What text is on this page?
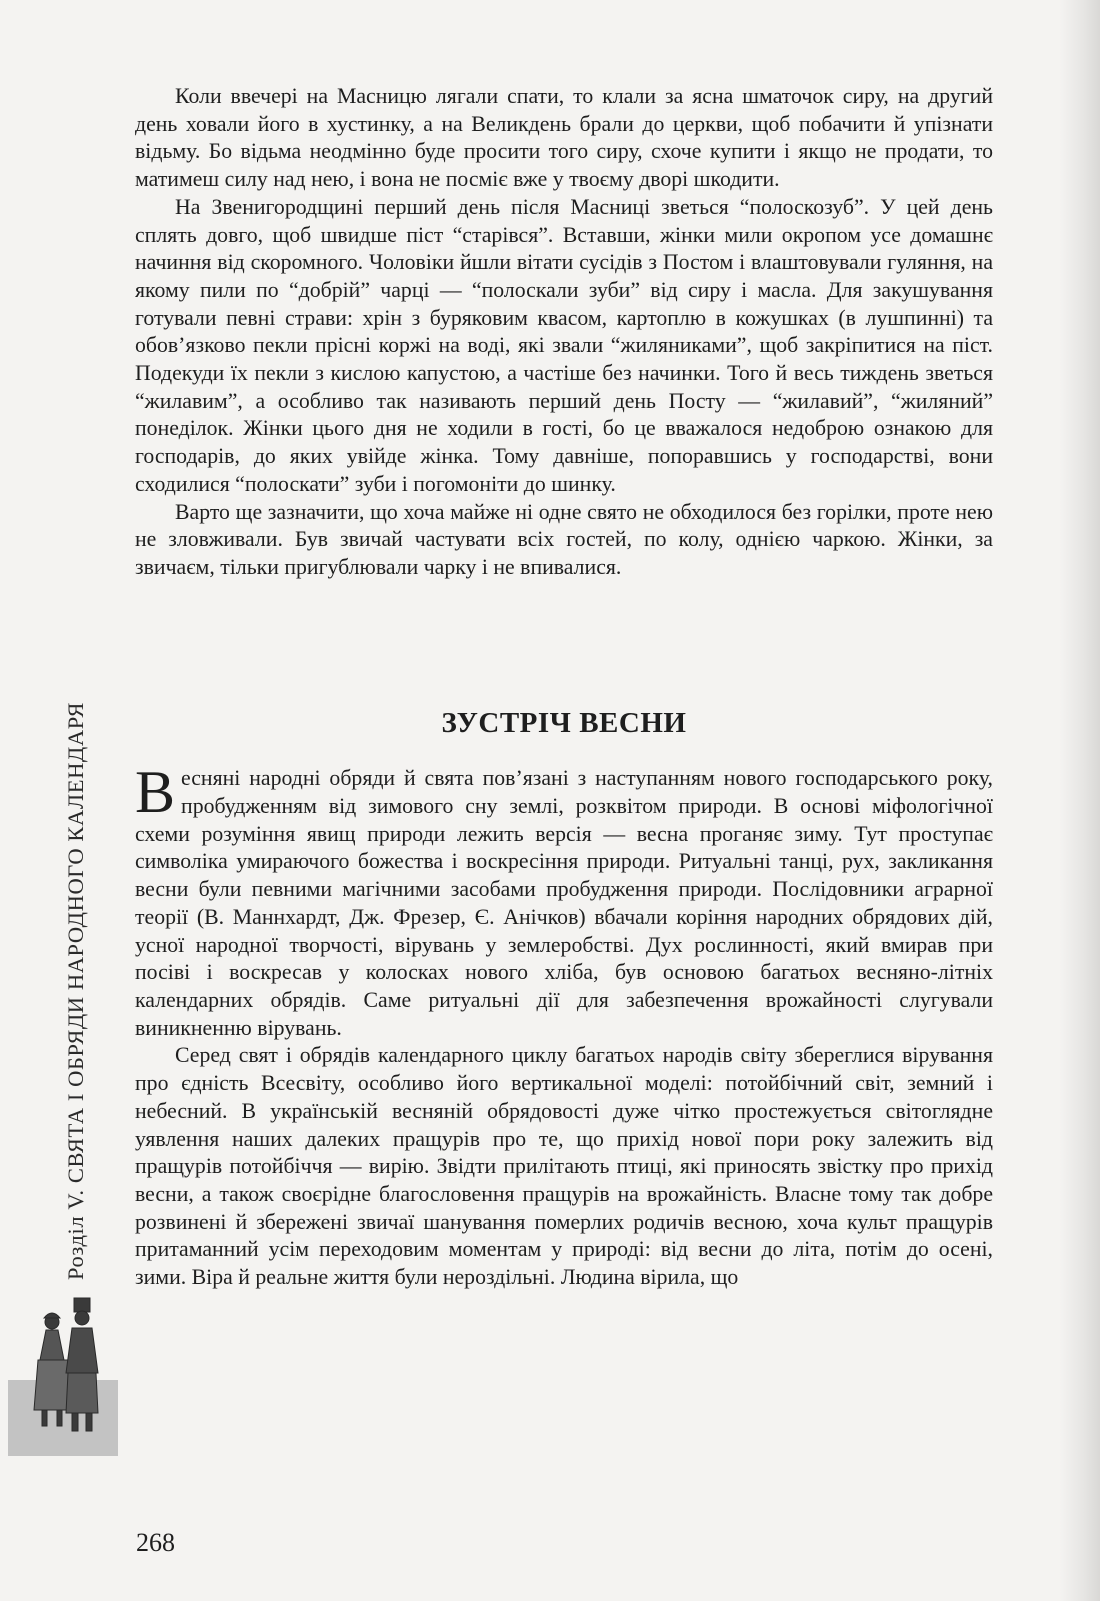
Розділ V. СВЯТА І ОБРЯДИ НАРОДНОГО КАЛЕНДАРЯ

Коли ввечері на Масницю лягали спати, то клали за ясна шматочок сиру, на другий день ховали його в хустинку, а на Великдень брали до церкви, щоб побачити й упізнати відьму. Бо відьма неодмінно буде просити того сиру, схоче купити і якщо не продати, то матимеш силу над нею, і вона не посміє вже у твоєму дворі шкодити.

На Звенигородщині перший день після Масниці зветься “полоскозуб”. У цей день сплять довго, щоб швидше піст “старівся”. Вставши, жінки мили окропом усе домашнє начиння від скоромного. Чоловіки йшли вітати сусідів з Постом і влаштовували гуляння, на якому пили по “добрій” чарці — “полоскали зуби” від сиру і масла. Для закушування готували певні страви: хрін з буряковим квасом, картоплю в кожушках (в лушпинні) та обов’язково пекли прісні коржі на воді, які звали “жиляниками”, щоб закріпитися на піст. Подекуди їх пекли з кислою капустою, а частіше без начинки. Того й весь тиждень зветься “жилавим”, а особливо так називають перший день Посту — “жилавий”, “жиляний” понеділок. Жінки цього дня не ходили в гості, бо це вважалося недоброю ознакою для господарів, до яких увійде жінка. Тому давніше, попоравшись у господарстві, вони сходилися “полоскати” зуби і погомоніти до шинку.

Варто ще зазначити, що хоча майже ні одне свято не обходилося без горілки, проте нею не зловживали. Був звичай частувати всіх гостей, по колу, однією чаркою. Жінки, за звичаєм, тільки пригублювали чарку і не впивалися.

ЗУСТРІЧ ВЕСНИ

Весняні народні обряди й свята пов’язані з наступанням нового господарського року, пробудженням від зимового сну землі, розквітом природи. В основі міфологічної схеми розуміння явищ природи лежить версія — весна проганяє зиму. Тут проступає символіка умираючого божества і воскресіння природи. Ритуальні танці, рух, закликання весни були певними магічними засобами пробудження природи. Послідовники аграрної теорії (В. Маннхардт, Дж. Фрезер, Є. Анічков) вбачали коріння народних обрядових дій, усної народної творчості, вірувань у землеробстві. Дух рослинності, який вмирав при посіві і воскресав у колосках нового хліба, був основою багатьох весняно-літніх календарних обрядів. Саме ритуальні дії для забезпечення врожайності слугували виникненню вірувань.

Серед свят і обрядів календарного циклу багатьох народів світу збереглися вірування про єдність Всесвіту, особливо його вертикальної моделі: потойбічний світ, земний і небесний. В українській весняній обрядовості дуже чітко простежується світоглядне уявлення наших далеких пращурів про те, що прихід нової пори року залежить від пращурів потойбіччя — вирію. Звідти прилітають птиці, які приносять звістку про прихід весни, а також своєрідне благословення пращурів на врожайність. Власне тому так добре розвинені й збережені звичаї шанування померлих родичів весною, хоча культ пращурів притаманний усім переходовим моментам у природі: від весни до літа, потім до осені, зими. Віра й реальне життя були нероздільні. Людина вірила, що

268
